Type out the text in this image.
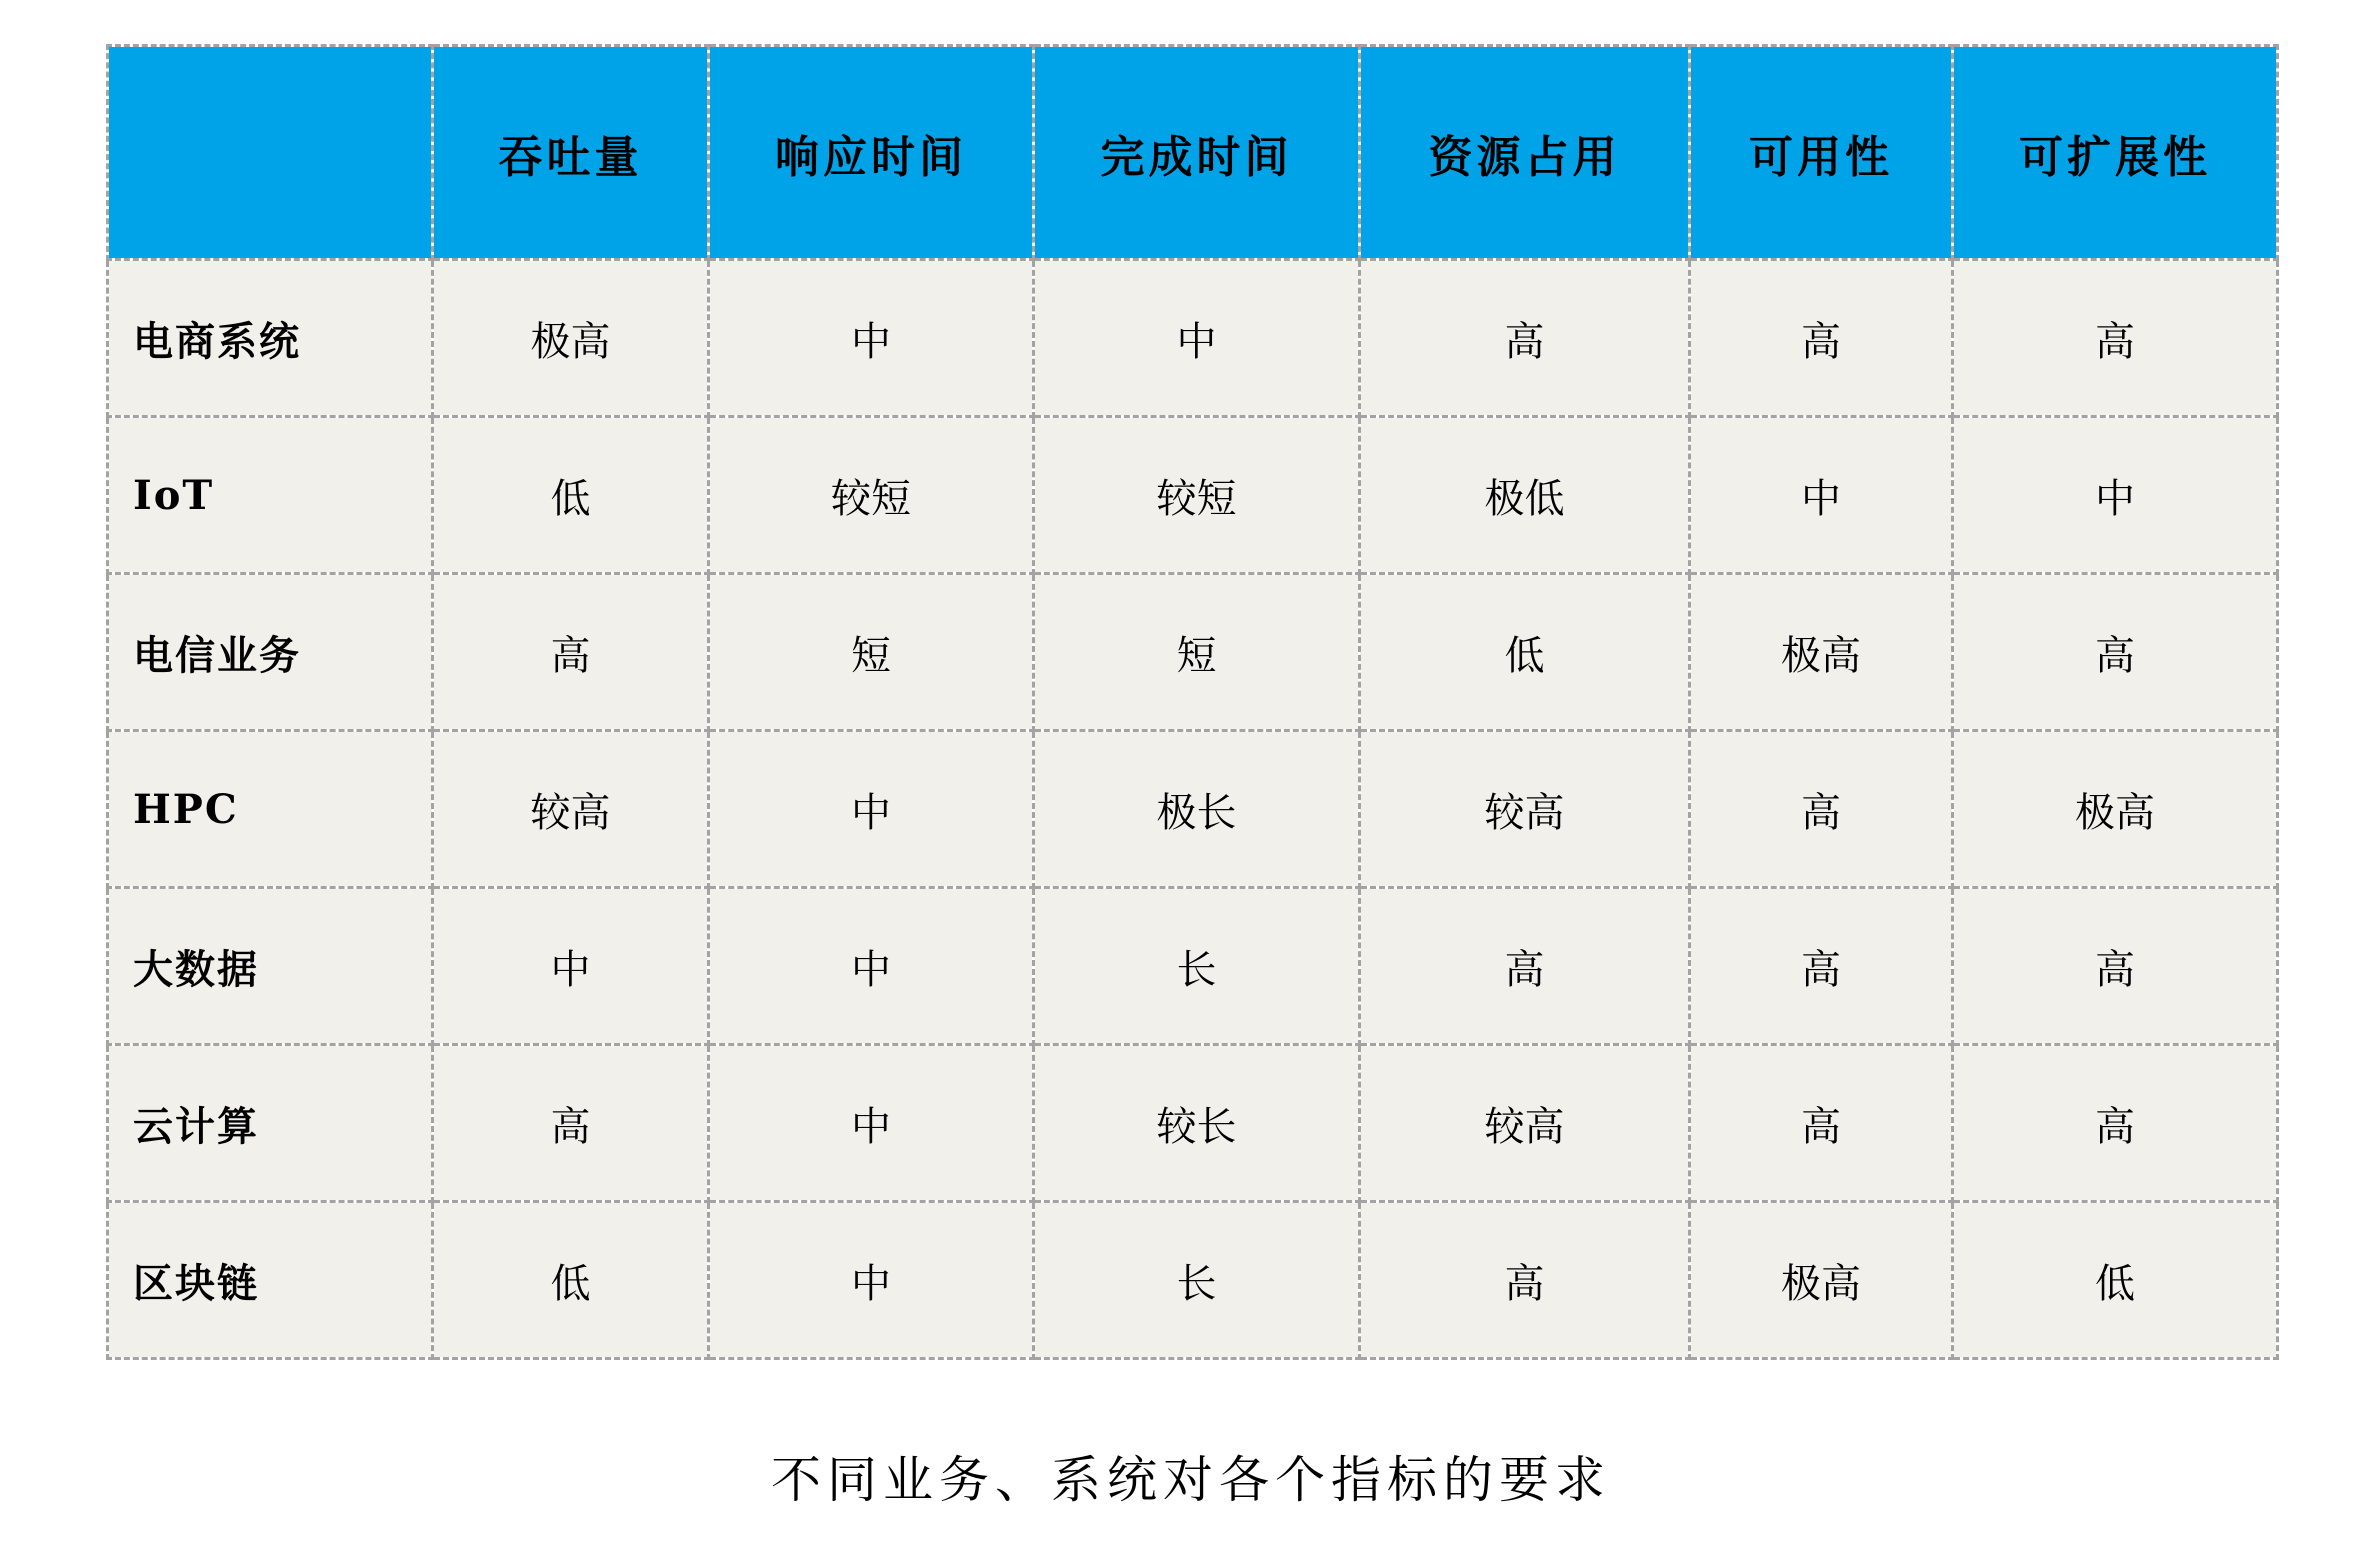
	吞吐量	响应时间	完成时间	资源占用	可用性	可扩展性
电商系统	极高	中	中	高	高	高
IoT	低	较短	较短	极低	中	中
电信业务	高	短	短	低	极高	高
HPC	较高	中	极长	较高	高	极高
大数据	中	中	长	高	高	高
云计算	高	中	较长	较高	高	高
区块链	低	中	长	高	极高	低
不同业务、系统对各个指标的要求
